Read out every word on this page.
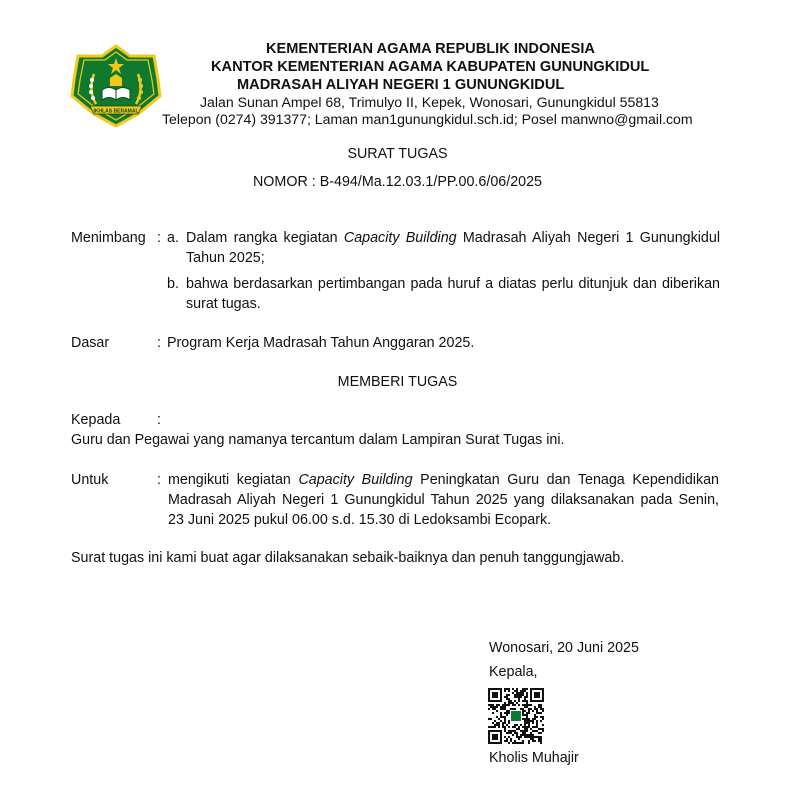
IKHLAS BERAMAL
KEMENTERIAN AGAMA REPUBLIK INDONESIA
KANTOR KEMENTERIAN AGAMA KABUPATEN GUNUNGKIDUL
MADRASAH ALIYAH NEGERI 1 GUNUNGKIDUL
Jalan Sunan Ampel 68, Trimulyo II, Kepek, Wonosari, Gunungkidul 55813
Telepon (0274) 391377; Laman man1gunungkidul.sch.id; Posel manwno@gmail.com
SURAT TUGAS
NOMOR : B-494/Ma.12.03.1/PP.00.6/06/2025
Menimbang : a. Dalam rangka kegiatan Capacity Building Madrasah Aliyah Negeri 1 Gunungkidul
Tahun 2025;
b. bahwa berdasarkan pertimbangan pada huruf a diatas perlu ditunjuk dan diberikan
surat tugas.
Dasar	: Program Kerja Madrasah Tahun Anggaran 2025.
MEMBERI TUGAS
Kepada	:
Guru dan Pegawai yang namanya tercantum dalam Lampiran Surat Tugas ini.
Untuk	: mengikuti kegiatan Capacity Building Peningkatan Guru dan Tenaga Kependidikan
Madrasah Aliyah Negeri 1 Gunungkidul Tahun 2025 yang dilaksanakan pada Senin,
23 Juni 2025 pukul 06.00 s.d. 15.30 di Ledoksambi Ecopark.
Surat tugas ini kami buat agar dilaksanakan sebaik-baiknya dan penuh tanggungjawab.
Wonosari, 20 Juni 2025
Kepala,
Kholis Muhajir
